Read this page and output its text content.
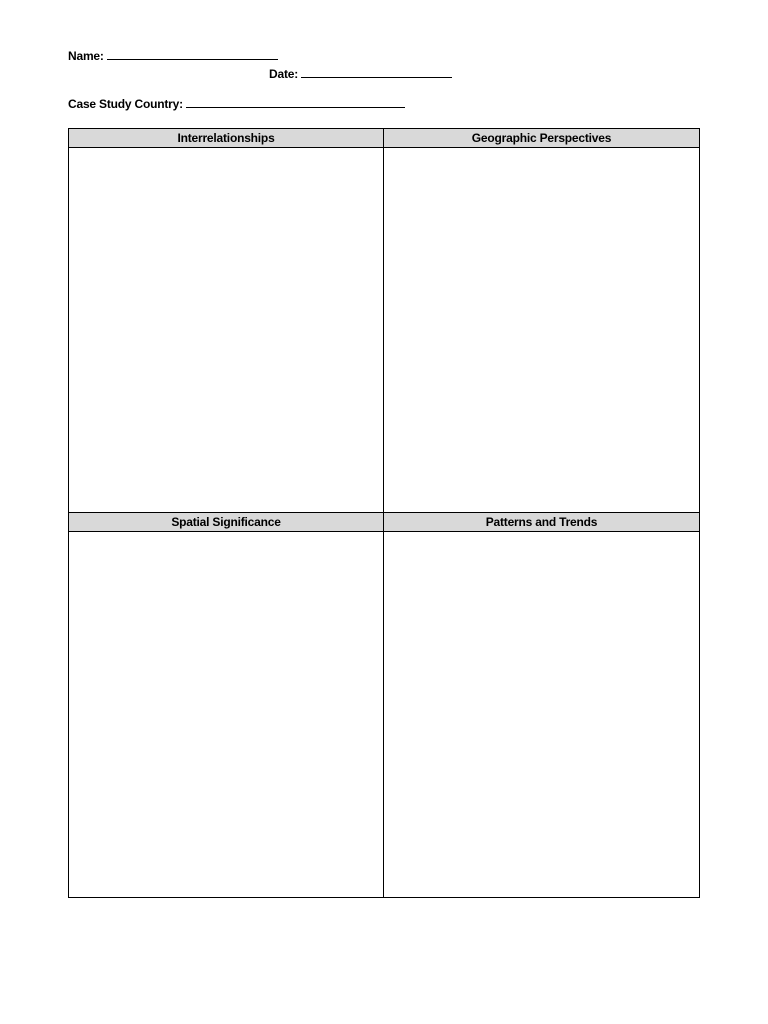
Name:
Date:
Case Study Country:
Interrelationships	Geographic Perspectives
Spatial Significance	Patterns and Trends
